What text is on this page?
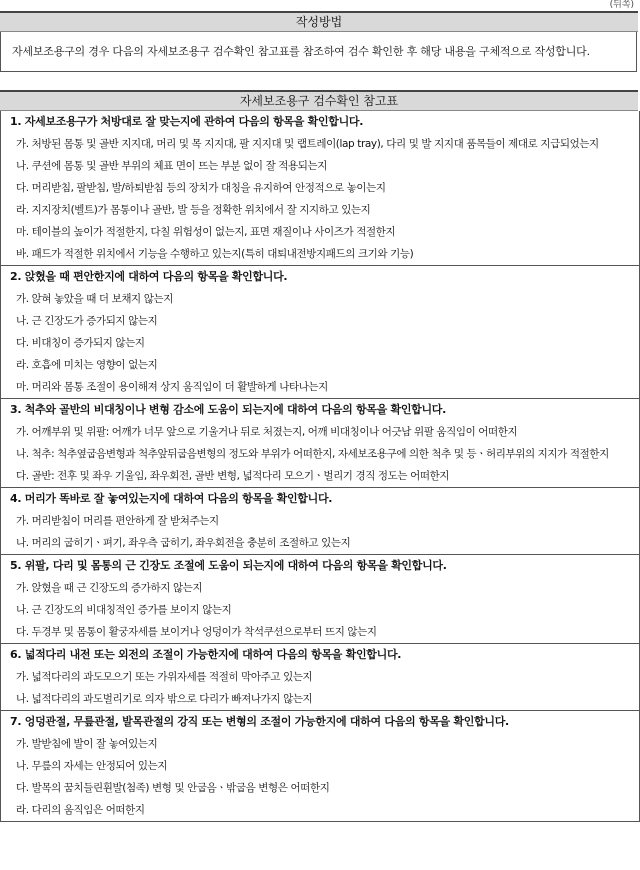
(뒤쪽)
작성방법
자세보조용구의 경우 다음의 자세보조용구 검수확인 참고표를 참조하여 검수 확인한 후 해당 내용을 구체적으로 작성합니다.
자세보조용구 검수확인 참고표
1. 자세보조용구가 처방대로 잘 맞는지에 관하여 다음의 항목을 확인합니다.
가. 처방된 몸통 및 골반 지지대, 머리 및 목 지지대, 팔 지지대 및 랩트레이(lap tray), 다리 및 발 지지대 품목들이 제대로 지급되었는지
나. 쿠션에 몸통 및 골반 부위의 체표 면이 뜨는 부분 없이 잘 적용되는지
다. 머리받침, 팔받침, 발/하퇴받침 등의 장치가 대칭을 유지하여 안정적으로 놓이는지
라. 지지장치(벨트)가 몸통이나 골반, 발 등을 정확한 위치에서 잘 지지하고 있는지
마. 테이블의 높이가 적절한지, 다칠 위험성이 없는지, 표면 재질이나 사이즈가 적절한지
바. 패드가 적절한 위치에서 기능을 수행하고 있는지(특히 대퇴내전방지패드의 크기와 기능)
2. 앉혔을 때 편안한지에 대하여 다음의 항목을 확인합니다.
가. 앉혀 놓았을 때 더 보채지 않는지
나. 근 긴장도가 증가되지 않는지
다. 비대칭이 증가되지 않는지
라. 호흡에 미치는 영향이 없는지
마. 머리와 몸통 조절이 용이해져 상지 움직임이 더 활발하게 나타나는지
3. 척추와 골반의 비대칭이나 변형 감소에 도움이 되는지에 대하여 다음의 항목을 확인합니다.
가. 어깨부위 및 위팔: 어깨가 너무 앞으로 기울거나 뒤로 처졌는지, 어깨 비대칭이나 어긋남 위팔 움직임이 어떠한지
나. 척추: 척추옆굽음변형과 척추앞뒤굽음변형의 정도와 부위가 어떠한지, 자세보조용구에 의한 척추 및 등ㆍ허리부위의 지지가 적절한지
다. 골반: 전후 및 좌우 기울임, 좌우회전, 골반 변형, 넓적다리 모으기ㆍ벌리기 경직 정도는 어떠한지
4. 머리가 똑바로 잘 놓여있는지에 대하여 다음의 항목을 확인합니다.
가. 머리받침이 머리를 편안하게 잘 받쳐주는지
나. 머리의 굽히기ㆍ펴기, 좌우측 굽히기, 좌우회전을 충분히 조절하고 있는지
5. 위팔, 다리 및 몸통의 근 긴장도 조절에 도움이 되는지에 대하여 다음의 항목을 확인합니다.
가. 앉혔을 때 근 긴장도의 증가하지 않는지
나. 근 긴장도의 비대칭적인 증가를 보이지 않는지
다. 두경부 및 몸통이 활궁자세를 보이거나 엉덩이가 착석쿠션으로부터 뜨지 않는지
6. 넓적다리 내전 또는 외전의 조절이 가능한지에 대하여 다음의 항목을 확인합니다.
가. 넓적다리의 과도모으기 또는 가위자세를 적절히 막아주고 있는지
나. 넓적다리의 과도벌리기로 의자 밖으로 다리가 빠져나가지 않는지
7. 엉덩관절, 무릎관절, 발목관절의 강직 또는 변형의 조절이 가능한지에 대하여 다음의 항목을 확인합니다.
가. 발받침에 발이 잘 놓여있는지
나. 무릎의 자세는 안정되어 있는지
다. 발목의 꿈치들린휜발(첨족) 변형 및 안굽음ㆍ밖굽음 변형은 어떠한지
라. 다리의 움직임은 어떠한지
